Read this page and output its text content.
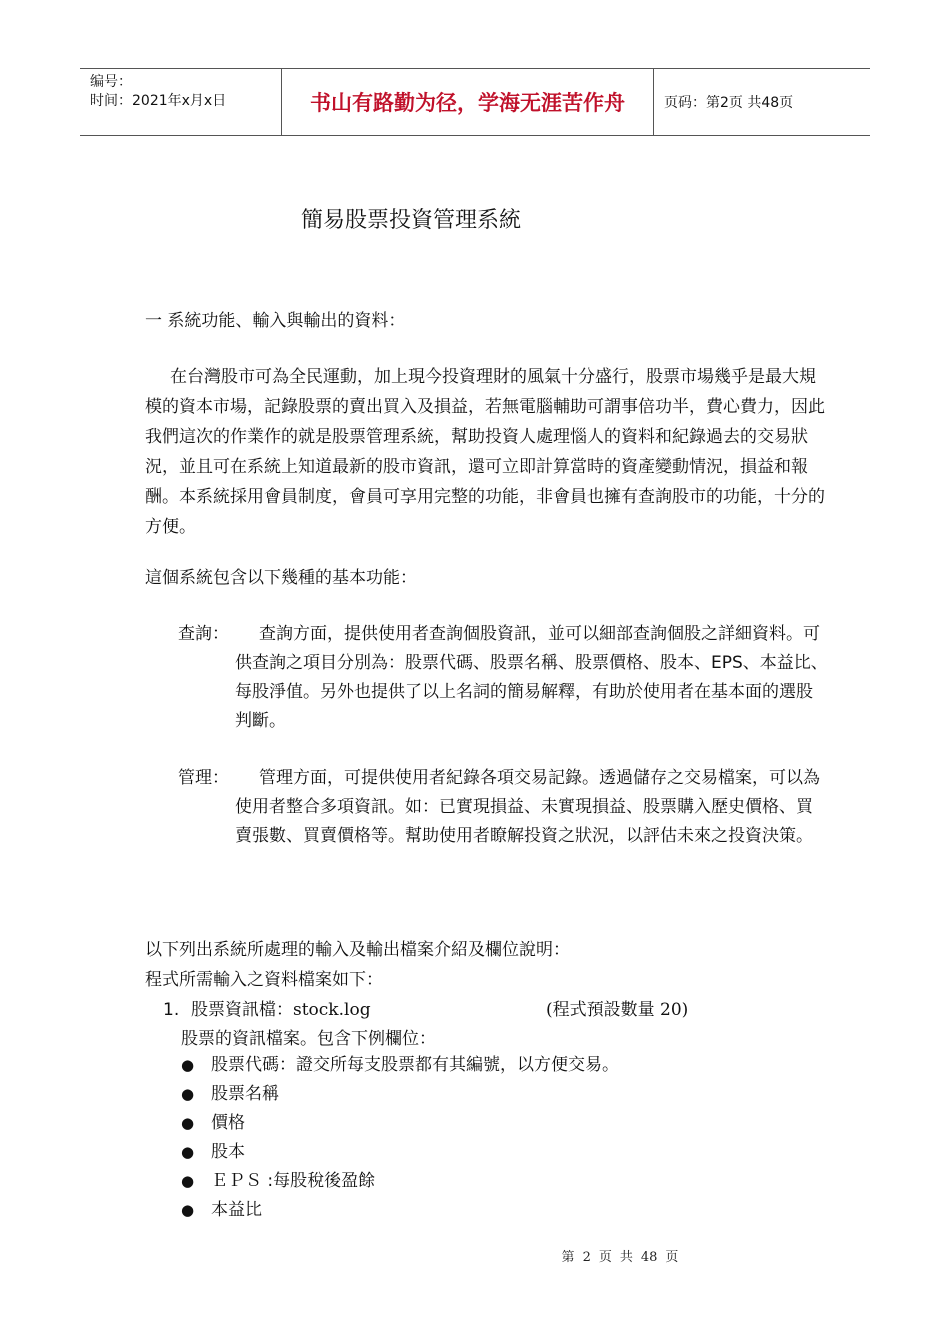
编号：
时间：2021年x月x日	书山有路勤为径，学海无涯苦作舟	页码：第2页 共48页
簡易股票投資管理系統

一 系統功能、輸入與輸出的資料：

在台灣股市可為全民運動，加上現今投資理財的風氣十分盛行，股票市場幾乎是最大規模的資本市場，記錄股票的賣出買入及損益，若無電腦輔助可謂事倍功半，費心費力，因此我們這次的作業作的就是股票管理系統，幫助投資人處理惱人的資料和紀錄過去的交易狀況，並且可在系統上知道最新的股市資訊，還可立即計算當時的資產變動情況，損益和報酬。本系統採用會員制度，會員可享用完整的功能，非會員也擁有查詢股市的功能，十分的方便。

這個系統包含以下幾種的基本功能：

查詢：	查詢方面，提供使用者查詢個股資訊，並可以細部查詢個股之詳細資料。可供查詢之項目分別為：股票代碼、股票名稱、股票價格、股本、EPS、本益比、每股淨值。另外也提供了以上名詞的簡易解釋，有助於使用者在基本面的選股判斷。

管理：	管理方面，可提供使用者紀錄各項交易記錄。透過儲存之交易檔案，可以為使用者整合多項資訊。如：已實現損益、未實現損益、股票購入歷史價格、買賣張數、買賣價格等。幫助使用者瞭解投資之狀況，以評估未來之投資決策。

以下列出系統所處理的輸入及輸出檔案介紹及欄位說明：

程式所需輸入之資料檔案如下：

1. 股票資訊檔：stock.log	(程式預設數量 20)

股票的資訊檔案。包含下例欄位：

● 股票代碼：證交所每支股票都有其編號，以方便交易。
● 股票名稱
● 價格
● 股本
● ＥＰＳ :每股稅後盈餘
● 本益比
第 2 页 共 48 页
